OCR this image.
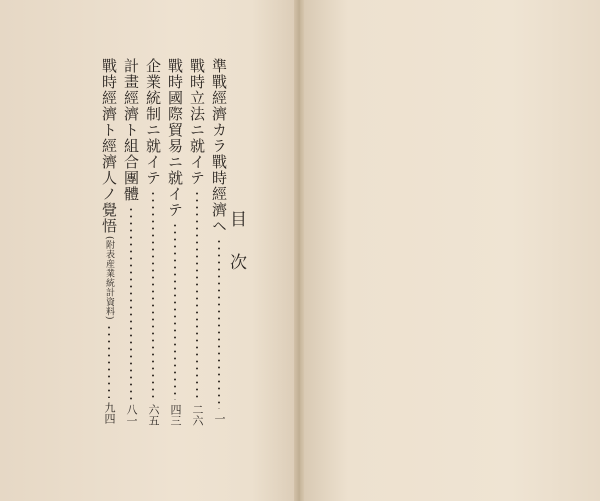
準戰經濟カラ戰時經濟ヘ
一
戰時立法ニ就イテ
二六
戰時國際貿易ニ就イテ
四三
企業統制ニ就イテ
六五
計畫經濟ト組合團體
八一
戰時經濟ト經濟人ノ覺悟
(附表産業統計資料)
九四
目
次
